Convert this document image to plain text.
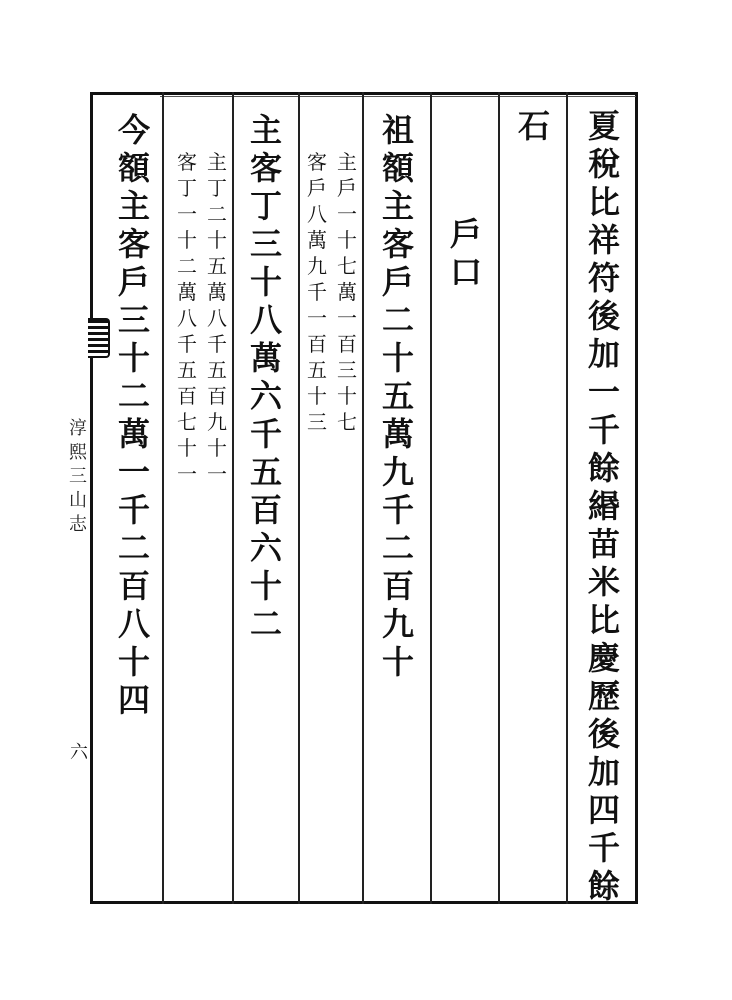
夏
稅
比
祥
符
後
加
一
千
餘
緡
苗
米
比
慶
歷
後
加
四
千
餘
石
戶
口
祖
額
主
客
戶
二
十
五
萬
九
千
二
百
九
十
主
戶
一
十
七
萬
一
百
三
十
七
客
戶
八
萬
九
千
一
百
五
十
三
主
客
丁
三
十
八
萬
六
千
五
百
六
十
二
主
丁
二
十
五
萬
八
千
五
百
九
十
一
客
丁
一
十
二
萬
八
千
五
百
七
十
一
今
額
主
客
戶
三
十
二
萬
一
千
二
百
八
十
四
淳
熙
三
山
志
六
